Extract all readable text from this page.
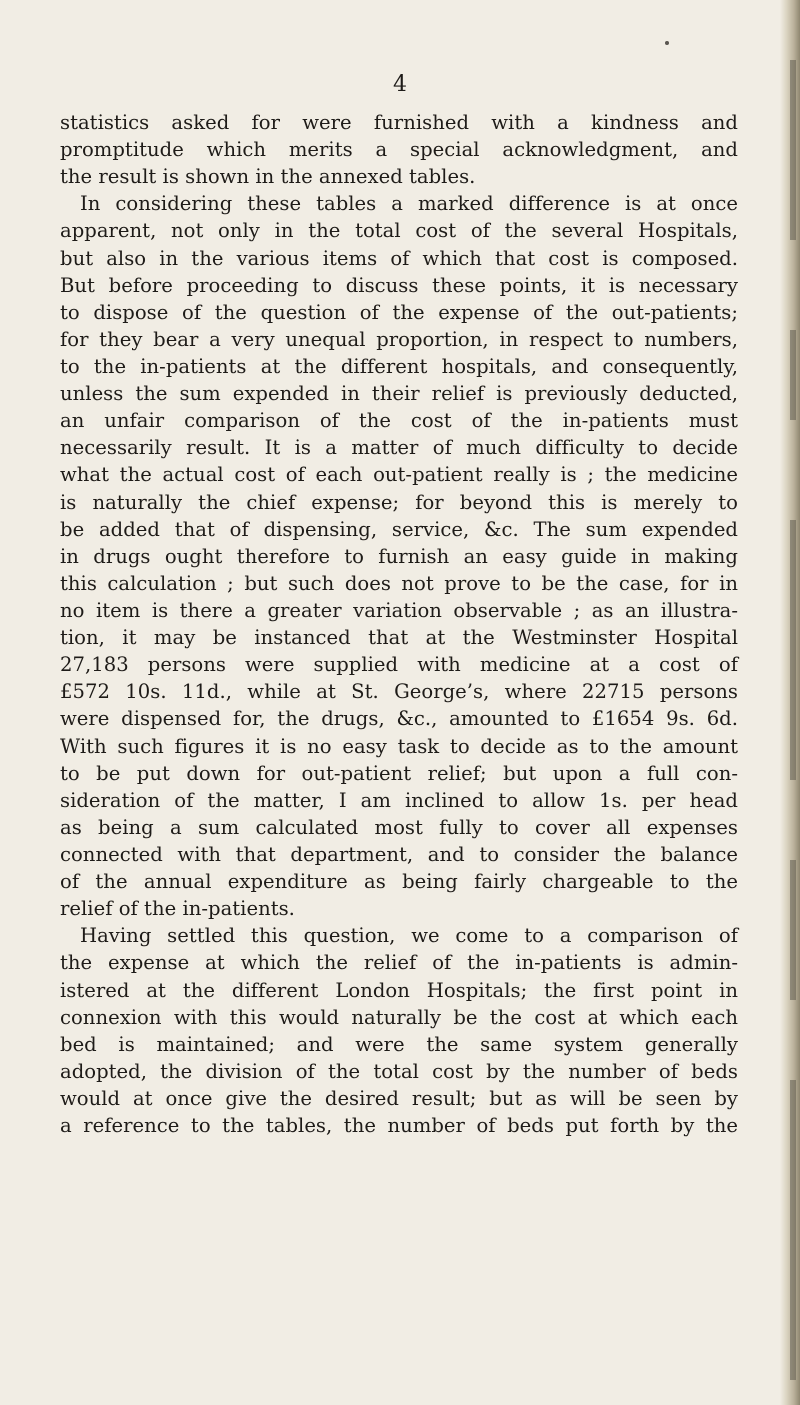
4
statistics asked for were furnished with a kindness and
promptitude which merits a special acknowledgment, and
the result is shown in the annexed tables.
In considering these tables a marked difference is at once
apparent, not only in the total cost of the several Hospitals,
but also in the various items of which that cost is composed.
But before proceeding to discuss these points, it is necessary
to dispose of the question of the expense of the out-patients;
for they bear a very unequal proportion, in respect to numbers,
to the in-patients at the different hospitals, and consequently,
unless the sum expended in their relief is previously deducted,
an unfair comparison of the cost of the in-patients must
necessarily result. It is a matter of much difficulty to decide
what the actual cost of each out-patient really is ; the medicine
is naturally the chief expense; for beyond this is merely to
be added that of dispensing, service, &c. The sum expended
in drugs ought therefore to furnish an easy guide in making
this calculation ; but such does not prove to be the case, for in
no item is there a greater variation observable ; as an illustra-
tion, it may be instanced that at the Westminster Hospital
27,183 persons were supplied with medicine at a cost of
£572 10s. 11d., while at St. George’s, where 22715 persons
were dispensed for, the drugs, &c., amounted to £1654 9s. 6d.
With such figures it is no easy task to decide as to the amount
to be put down for out-patient relief; but upon a full con-
sideration of the matter, I am inclined to allow 1s. per head
as being a sum calculated most fully to cover all expenses
connected with that department, and to consider the balance
of the annual expenditure as being fairly chargeable to the
relief of the in-patients.
Having settled this question, we come to a comparison of
the expense at which the relief of the in-patients is admin-
istered at the different London Hospitals; the first point in
connexion with this would naturally be the cost at which each
bed is maintained; and were the same system generally
adopted, the division of the total cost by the number of beds
would at once give the desired result; but as will be seen by
a reference to the tables, the number of beds put forth by the
